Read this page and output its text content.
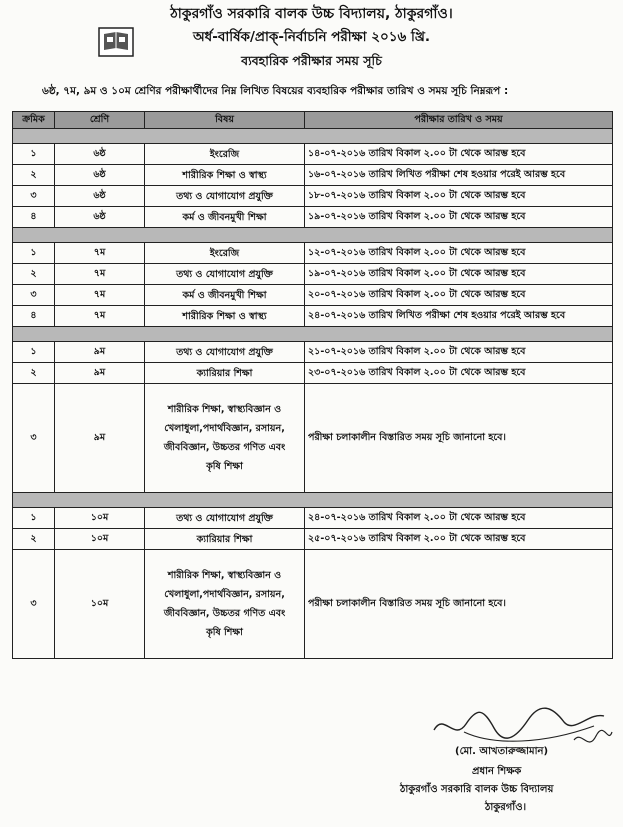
ঠাকুরগাঁও সরকারি বালক উচ্চ বিদ্যালয়, ঠাকুরগাঁও।
অর্ধ-বার্ষিক/প্রাক্-নির্বাচনি পরীক্ষা ২০১৬ খ্রি.
ব্যবহারিক পরীক্ষার সময় সূচি
৬ষ্ঠ, ৭ম, ৯ম ও ১০ম শ্রেণির পরীক্ষার্থীদের নিম্ন লিখিত বিষয়ের ব্যবহারিক পরীক্ষার তারিখ ও সময় সূচি নিম্নরূপ :
ক্রমিক	শ্রেণি	বিষয়	পরীক্ষার তারিখ ও সময়

১	৬ষ্ঠ	ইংরেজি	১৪-০৭-২০১৬ তারিখ বিকাল ২.০০ টা থেকে আরম্ভ হবে
২	৬ষ্ঠ	শারীরিক শিক্ষা ও স্বাস্থ্য	১৬-০৭-২০১৬ তারিখ লিখিত পরীক্ষা শেষ হওয়ার পরেই আরম্ভ হবে
৩	৬ষ্ঠ	তথ্য ও যোগাযোগ প্রযুক্তি	১৮-০৭-২০১৬ তারিখ বিকাল ২.০০ টা থেকে আরম্ভ হবে
৪	৬ষ্ঠ	কর্ম ও জীবনমুখী শিক্ষা	১৯-০৭-২০১৬ তারিখ বিকাল ২.০০ টা থেকে আরম্ভ হবে

১	৭ম	ইংরেজি	১২-০৭-২০১৬ তারিখ বিকাল ২.০০ টা থেকে আরম্ভ হবে
২	৭ম	তথ্য ও যোগাযোগ প্রযুক্তি	১৯-০৭-২০১৬ তারিখ বিকাল ২.০০ টা থেকে আরম্ভ হবে
৩	৭ম	কর্ম ও জীবনমুখী শিক্ষা	২০-০৭-২০১৬ তারিখ বিকাল ২.০০ টা থেকে আরম্ভ হবে
৪	৭ম	শারীরিক শিক্ষা ও স্বাস্থ্য	২৪-০৭-২০১৬ তারিখ লিখিত পরীক্ষা শেষ হওয়ার পরেই আরম্ভ হবে

১	৯ম	তথ্য ও যোগাযোগ প্রযুক্তি	২১-০৭-২০১৬ তারিখ বিকাল ২.০০ টা থেকে আরম্ভ হবে
২	৯ম	ক্যারিয়ার শিক্ষা	২৩-০৭-২০১৬ তারিখ বিকাল ২.০০ টা থেকে আরম্ভ হবে
৩	৯ম	শারীরিক শিক্ষা, স্বাস্থ্যবিজ্ঞান ও
খেলাধুলা,পদার্থবিজ্ঞান, রসায়ন,
জীববিজ্ঞান, উচ্চতর গণিত এবং
কৃষি শিক্ষা	পরীক্ষা চলাকালীন বিস্তারিত সময় সূচি জানানো হবে।

১	১০ম	তথ্য ও যোগাযোগ প্রযুক্তি	২৪-০৭-২০১৬ তারিখ বিকাল ২.০০ টা থেকে আরম্ভ হবে
২	১০ম	ক্যারিয়ার শিক্ষা	২৫-০৭-২০১৬ তারিখ বিকাল ২.০০ টা থেকে আরম্ভ হবে
৩	১০ম	শারীরিক শিক্ষা, স্বাস্থ্যবিজ্ঞান ও
খেলাধুলা,পদার্থবিজ্ঞান, রসায়ন,
জীববিজ্ঞান, উচ্চতর গণিত এবং
কৃষি শিক্ষা	পরীক্ষা চলাকালীন বিস্তারিত সময় সূচি জানানো হবে।
(মো. আখতারুজ্জামান)
প্রধান শিক্ষক
ঠাকুরগাঁও সরকারি বালক উচ্চ বিদ্যালয়
ঠাকুরগাঁও।
